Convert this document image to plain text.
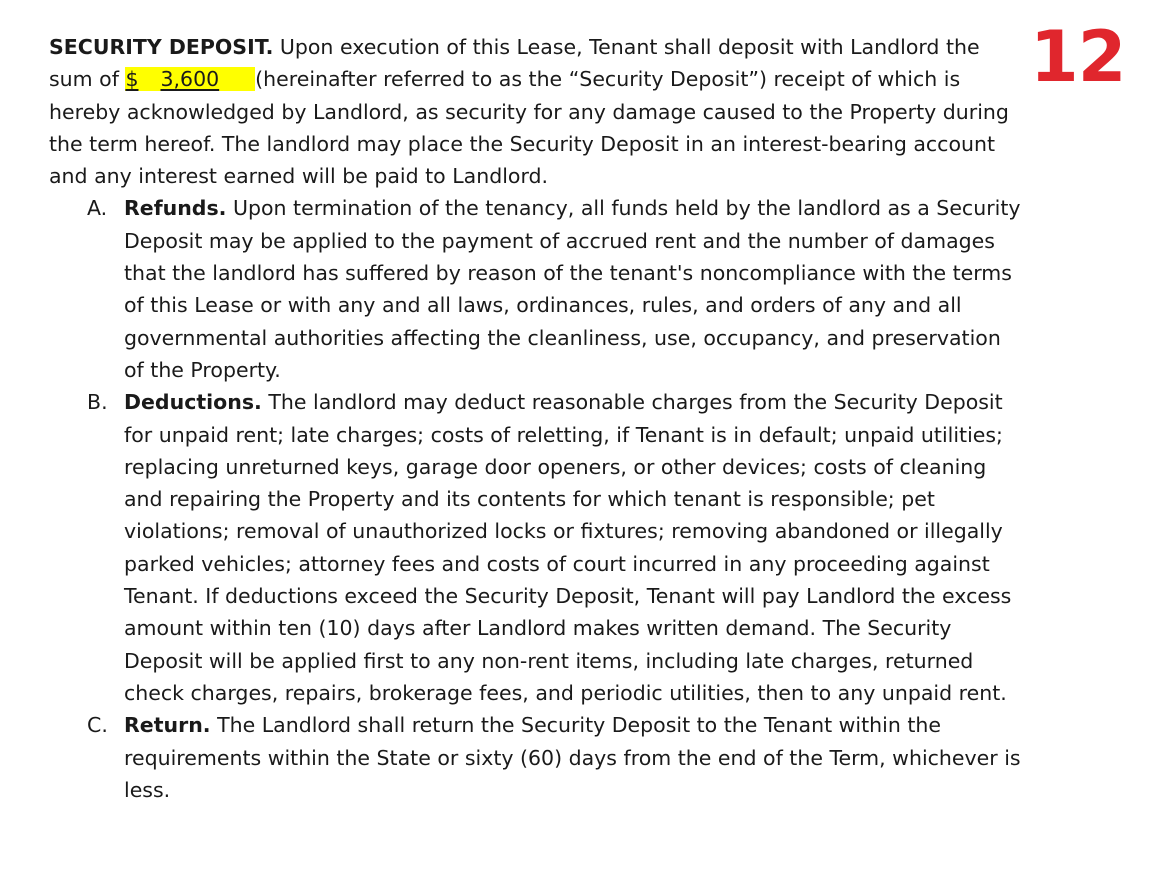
12

SECURITY DEPOSIT. Upon execution of this Lease, Tenant shall deposit with Landlord the sum of $ 3,600 (hereinafter referred to as the “Security Deposit”) receipt of which is hereby acknowledged by Landlord, as security for any damage caused to the Property during the term hereof. The landlord may place the Security Deposit in an interest-bearing account and any interest earned will be paid to Landlord.

A. Refunds. Upon termination of the tenancy, all funds held by the landlord as a Security Deposit may be applied to the payment of accrued rent and the number of damages that the landlord has suffered by reason of the tenant's noncompliance with the terms of this Lease or with any and all laws, ordinances, rules, and orders of any and all governmental authorities affecting the cleanliness, use, occupancy, and preservation of the Property.
B. Deductions. The landlord may deduct reasonable charges from the Security Deposit for unpaid rent; late charges; costs of reletting, if Tenant is in default; unpaid utilities; replacing unreturned keys, garage door openers, or other devices; costs of cleaning and repairing the Property and its contents for which tenant is responsible; pet violations; removal of unauthorized locks or fixtures; removing abandoned or illegally parked vehicles; attorney fees and costs of court incurred in any proceeding against Tenant. If deductions exceed the Security Deposit, Tenant will pay Landlord the excess amount within ten (10) days after Landlord makes written demand. The Security Deposit will be applied first to any non-rent items, including late charges, returned check charges, repairs, brokerage fees, and periodic utilities, then to any unpaid rent.
C. Return. The Landlord shall return the Security Deposit to the Tenant within the requirements within the State or sixty (60) days from the end of the Term, whichever is less.
